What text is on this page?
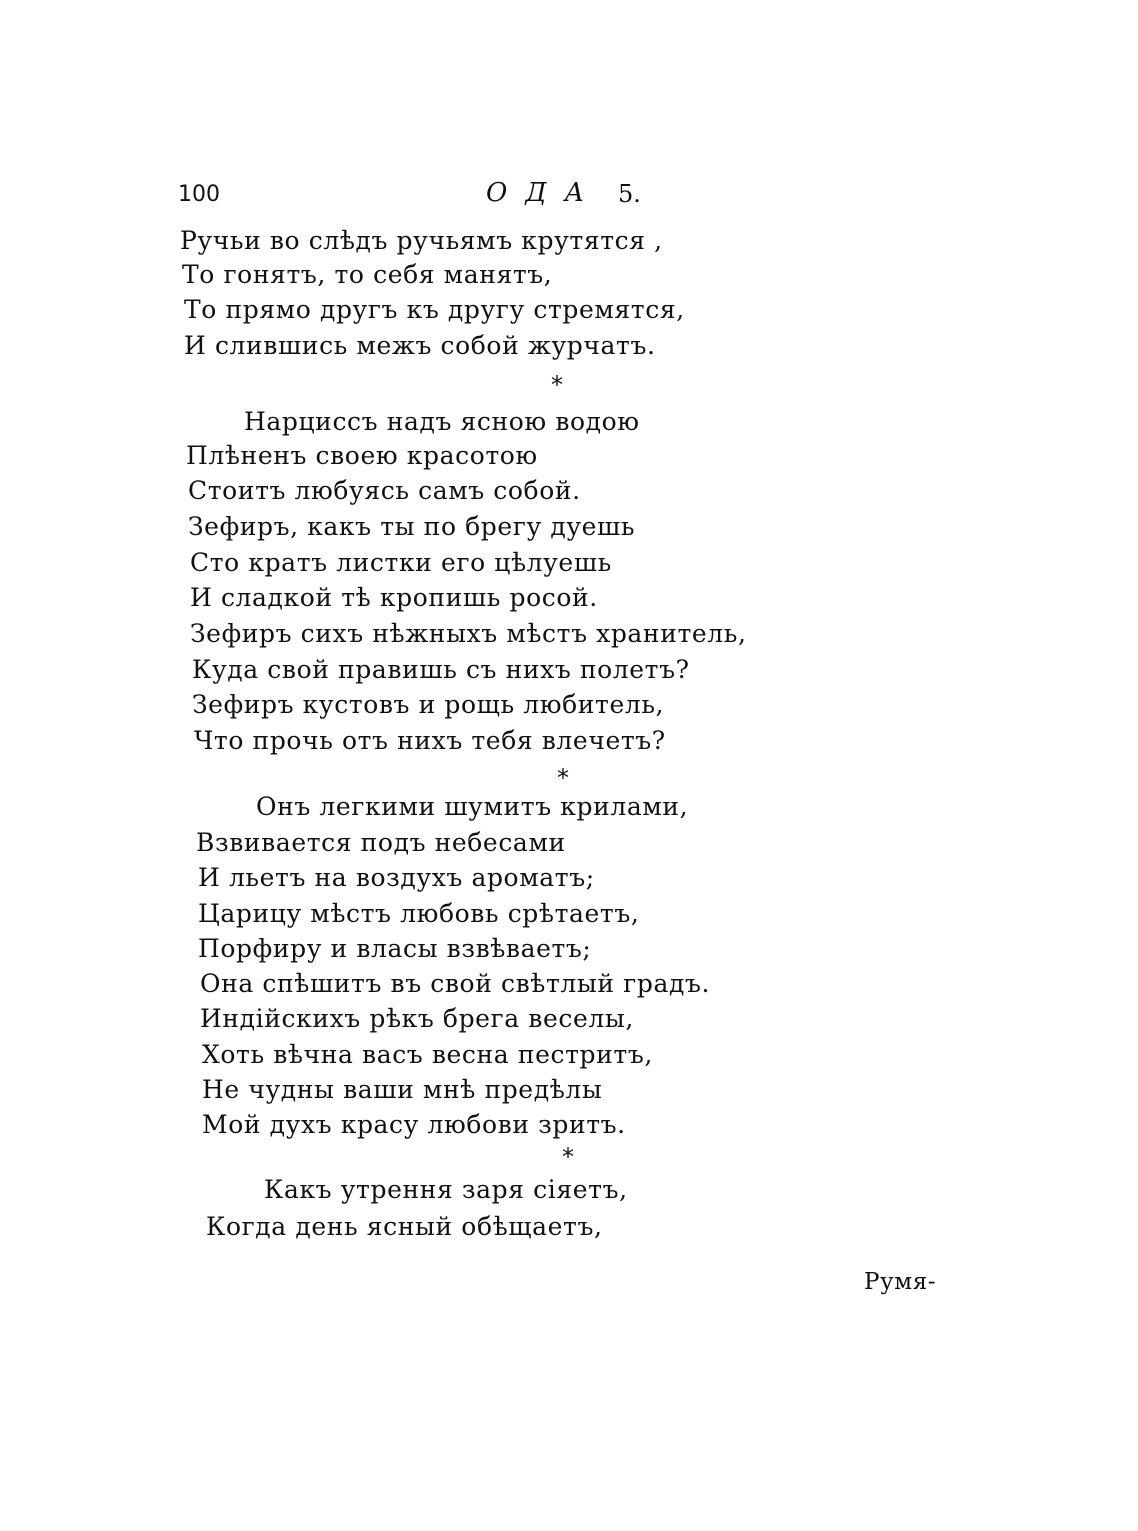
100	ОДА 5.
Ручьи во слѣдъ ручьямъ крутятся ,
То гонятъ, то себя манятъ,
То прямо другъ къ другу стремятся,
И слившись межъ собой журчатъ.
*
Нарциссъ надъ ясною водою
Плѣненъ своею красотою
Стоитъ любуясь самъ собой.
Зефиръ, какъ ты по брегу дуешь
Сто кратъ листки его цѣлуешь
И сладкой тѣ кропишь росой.
Зефиръ сихъ нѣжныхъ мѣстъ хранитель,
Куда свой правишь съ нихъ полетъ?
Зефиръ кустовъ и рощь любитель,
Что прочь отъ нихъ тебя влечетъ?
*
Онъ легкими шумитъ крилами,
Взвивается подъ небесами
И льетъ на воздухъ ароматъ;
Царицу мѣстъ любовь срѣтаетъ,
Порфиру и власы взвѣваетъ;
Она спѣшитъ въ свой свѣтлый градъ.
Индійскихъ рѣкъ брега веселы,
Хоть вѣчна васъ весна пестритъ,
Не чудны ваши мнѣ предѣлы
Мой духъ красу любови зритъ.
*
Какъ утрення заря сіяетъ,
Когда день ясный обѣщаетъ,
Румя-
